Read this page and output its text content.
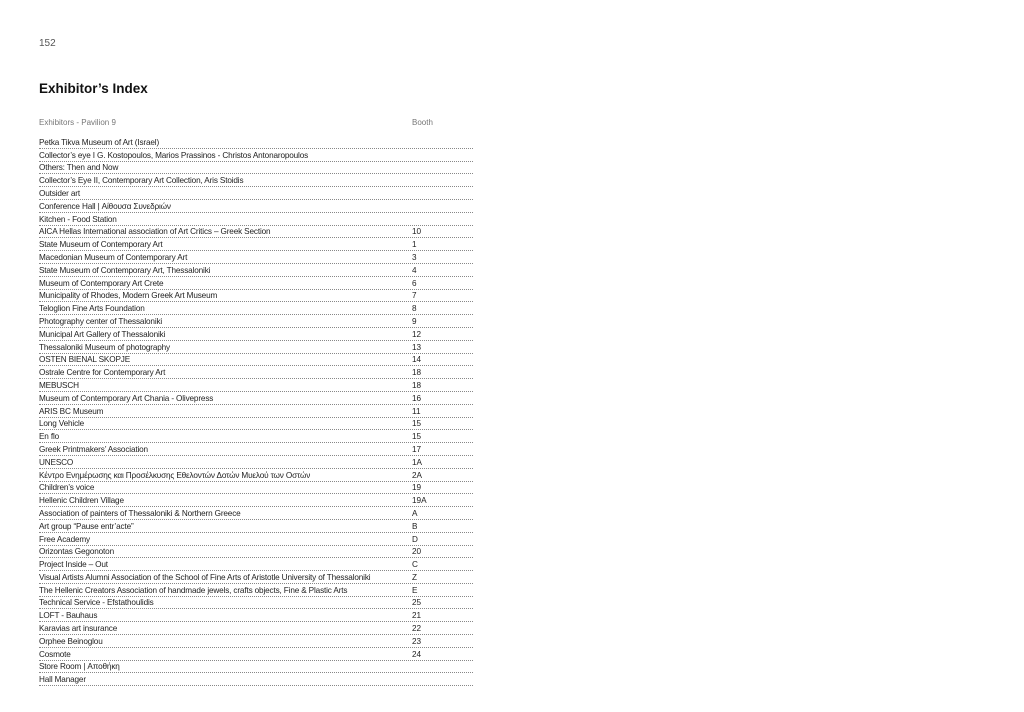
152
Exhibitor’s Index
Exhibitors - Pavilion 9	Booth
Petka Tikva Museum of Art (Israel)
Collector’s eye I G. Kostopoulos, Marios Prassinos - Christos Antonaropoulos
Others: Then and Now
Collector’s Eye II, Contemporary Art Collection, Aris Stoidis
Outsider art
Conference Hall | Αίθουσα Συνεδριών
Kitchen - Food Station
AICA Hellas International association of Art Critics – Greek Section	10
State Museum of Contemporary Art	1
Macedonian Museum of Contemporary Art	3
State Museum of Contemporary Art, Thessaloniki	4
Museum of Contemporary Art Crete	6
Municipality of Rhodes, Modern Greek Art Museum	7
Teloglion Fine Arts Foundation	8
Photography center of Thessaloniki	9
Municipal Art Gallery of Thessaloniki	12
Thessaloniki Museum of photography	13
OSTEN BIENAL SKOPJE	14
Ostrale Centre for Contemporary Art	18
MEBUSCH	18
Museum of Contemporary Art Chania - Olivepress	16
ARIS BC Museum	11
Long Vehicle	15
En flo	15
Greek Printmakers’ Association	17
UNESCO	1A
Κέντρο Ενημέρωσης και Προσέλκυσης Εθελοντών Δοτών Μυελού των Οστών	2A
Children’s voice	19
Hellenic Children Village	19A
Association of painters of Thessaloniki & Northern Greece	A
Art group “Pause entr’acte”	B
Free Academy	D
Orizontas Gegonoton	20
Project Inside – Out	C
Visual Artists Alumni Association of the School of Fine Arts of Aristotle University of Thessaloniki	Z
The Hellenic Creators Association of handmade jewels, crafts objects, Fine & Plastic Arts	E
Technical Service - Efstathoulidis	25
LOFT - Bauhaus	21
Karavias art insurance	22
Orphee Beinoglou	23
Cosmote	24
Store Room | Αποθήκη
Hall Manager
